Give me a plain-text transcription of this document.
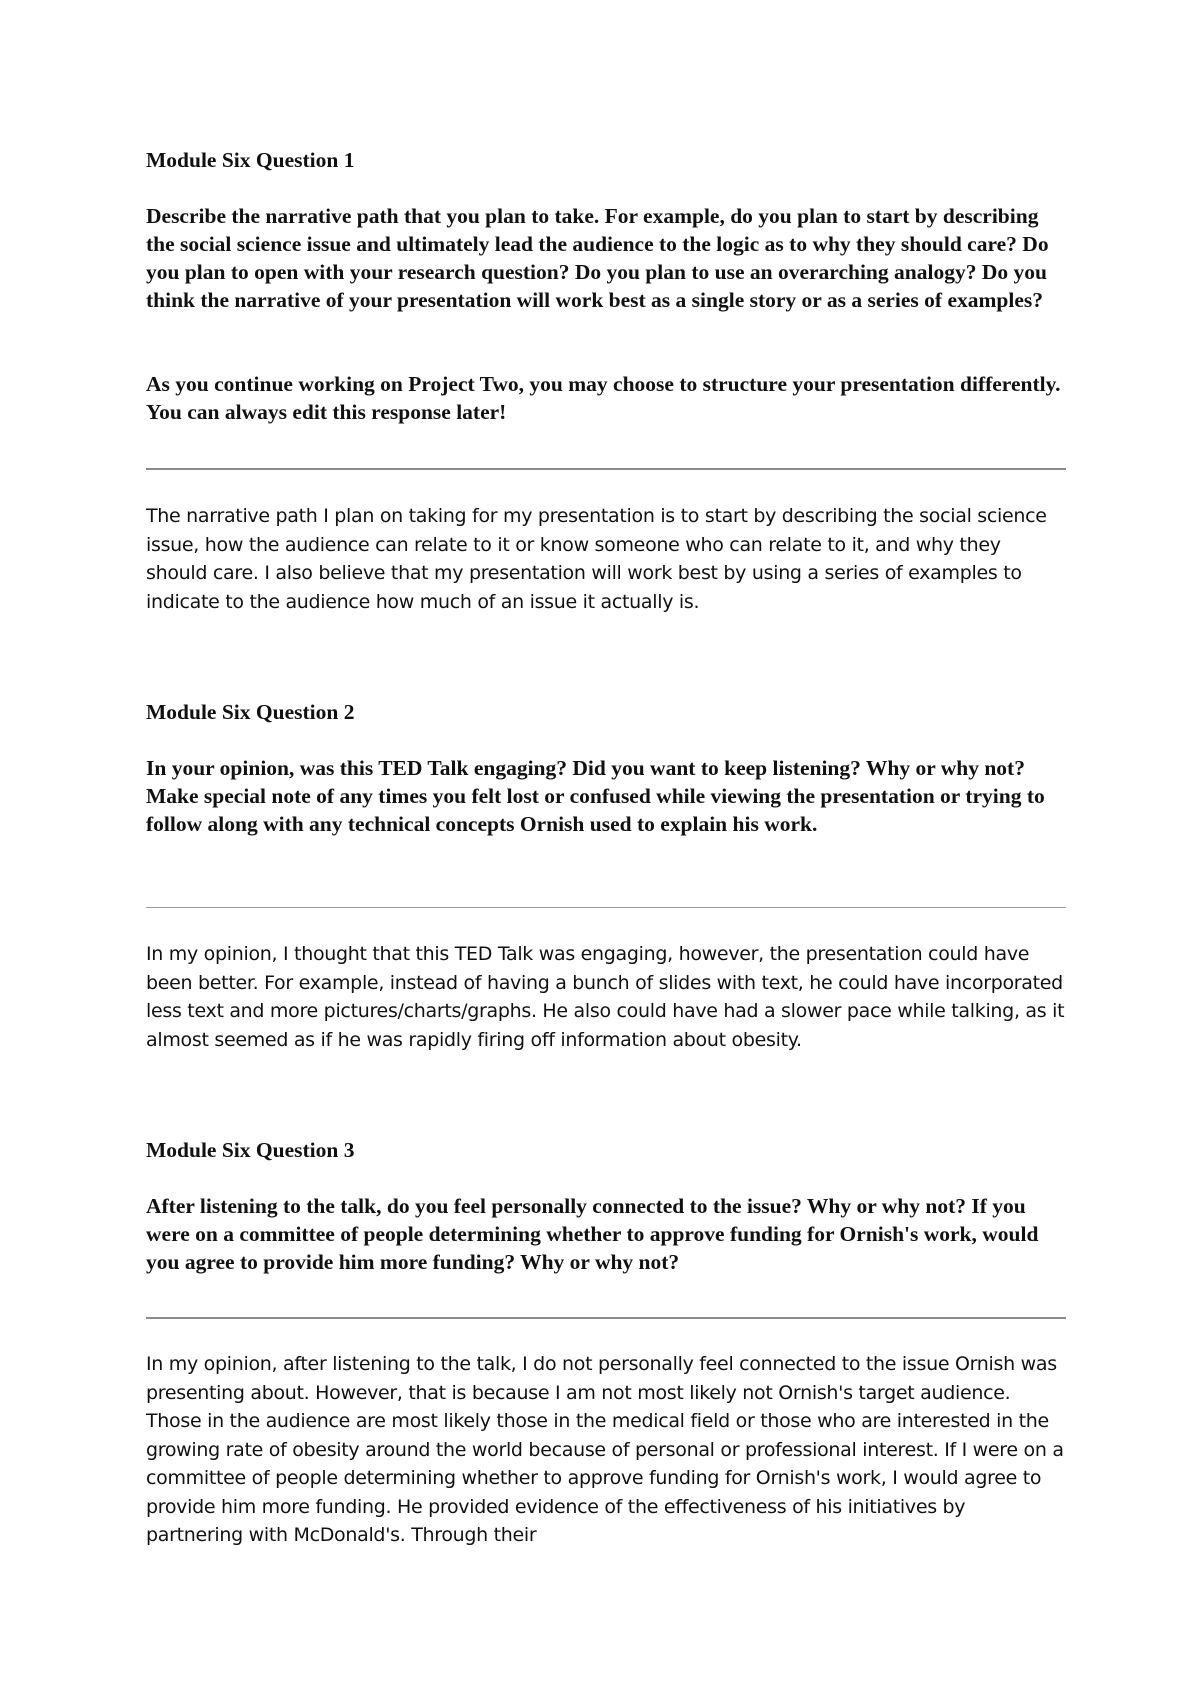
Module Six Question 1

Describe the narrative path that you plan to take. For example, do you plan to start by describing the social science issue and ultimately lead the audience to the logic as to why they should care? Do you plan to open with your research question? Do you plan to use an overarching analogy? Do you think the narrative of your presentation will work best as a single story or as a series of examples?

As you continue working on Project Two, you may choose to structure your presentation differently. You can always edit this response later!

The narrative path I plan on taking for my presentation is to start by describing the social science issue, how the audience can relate to it or know someone who can relate to it, and why they should care. I also believe that my presentation will work best by using a series of examples to indicate to the audience how much of an issue it actually is.

Module Six Question 2

In your opinion, was this TED Talk engaging? Did you want to keep listening? Why or why not? Make special note of any times you felt lost or confused while viewing the presentation or trying to follow along with any technical concepts Ornish used to explain his work.

In my opinion, I thought that this TED Talk was engaging, however, the presentation could have been better. For example, instead of having a bunch of slides with text, he could have incorporated less text and more pictures/charts/graphs. He also could have had a slower pace while talking, as it almost seemed as if he was rapidly firing off information about obesity.

Module Six Question 3

After listening to the talk, do you feel personally connected to the issue? Why or why not? If you were on a committee of people determining whether to approve funding for Ornish's work, would you agree to provide him more funding? Why or why not?

In my opinion, after listening to the talk, I do not personally feel connected to the issue Ornish was presenting about. However, that is because I am not most likely not Ornish's target audience. Those in the audience are most likely those in the medical field or those who are interested in the growing rate of obesity around the world because of personal or professional interest. If I were on a committee of people determining whether to approve funding for Ornish's work, I would agree to provide him more funding. He provided evidence of the effectiveness of his initiatives by partnering with McDonald's. Through their
